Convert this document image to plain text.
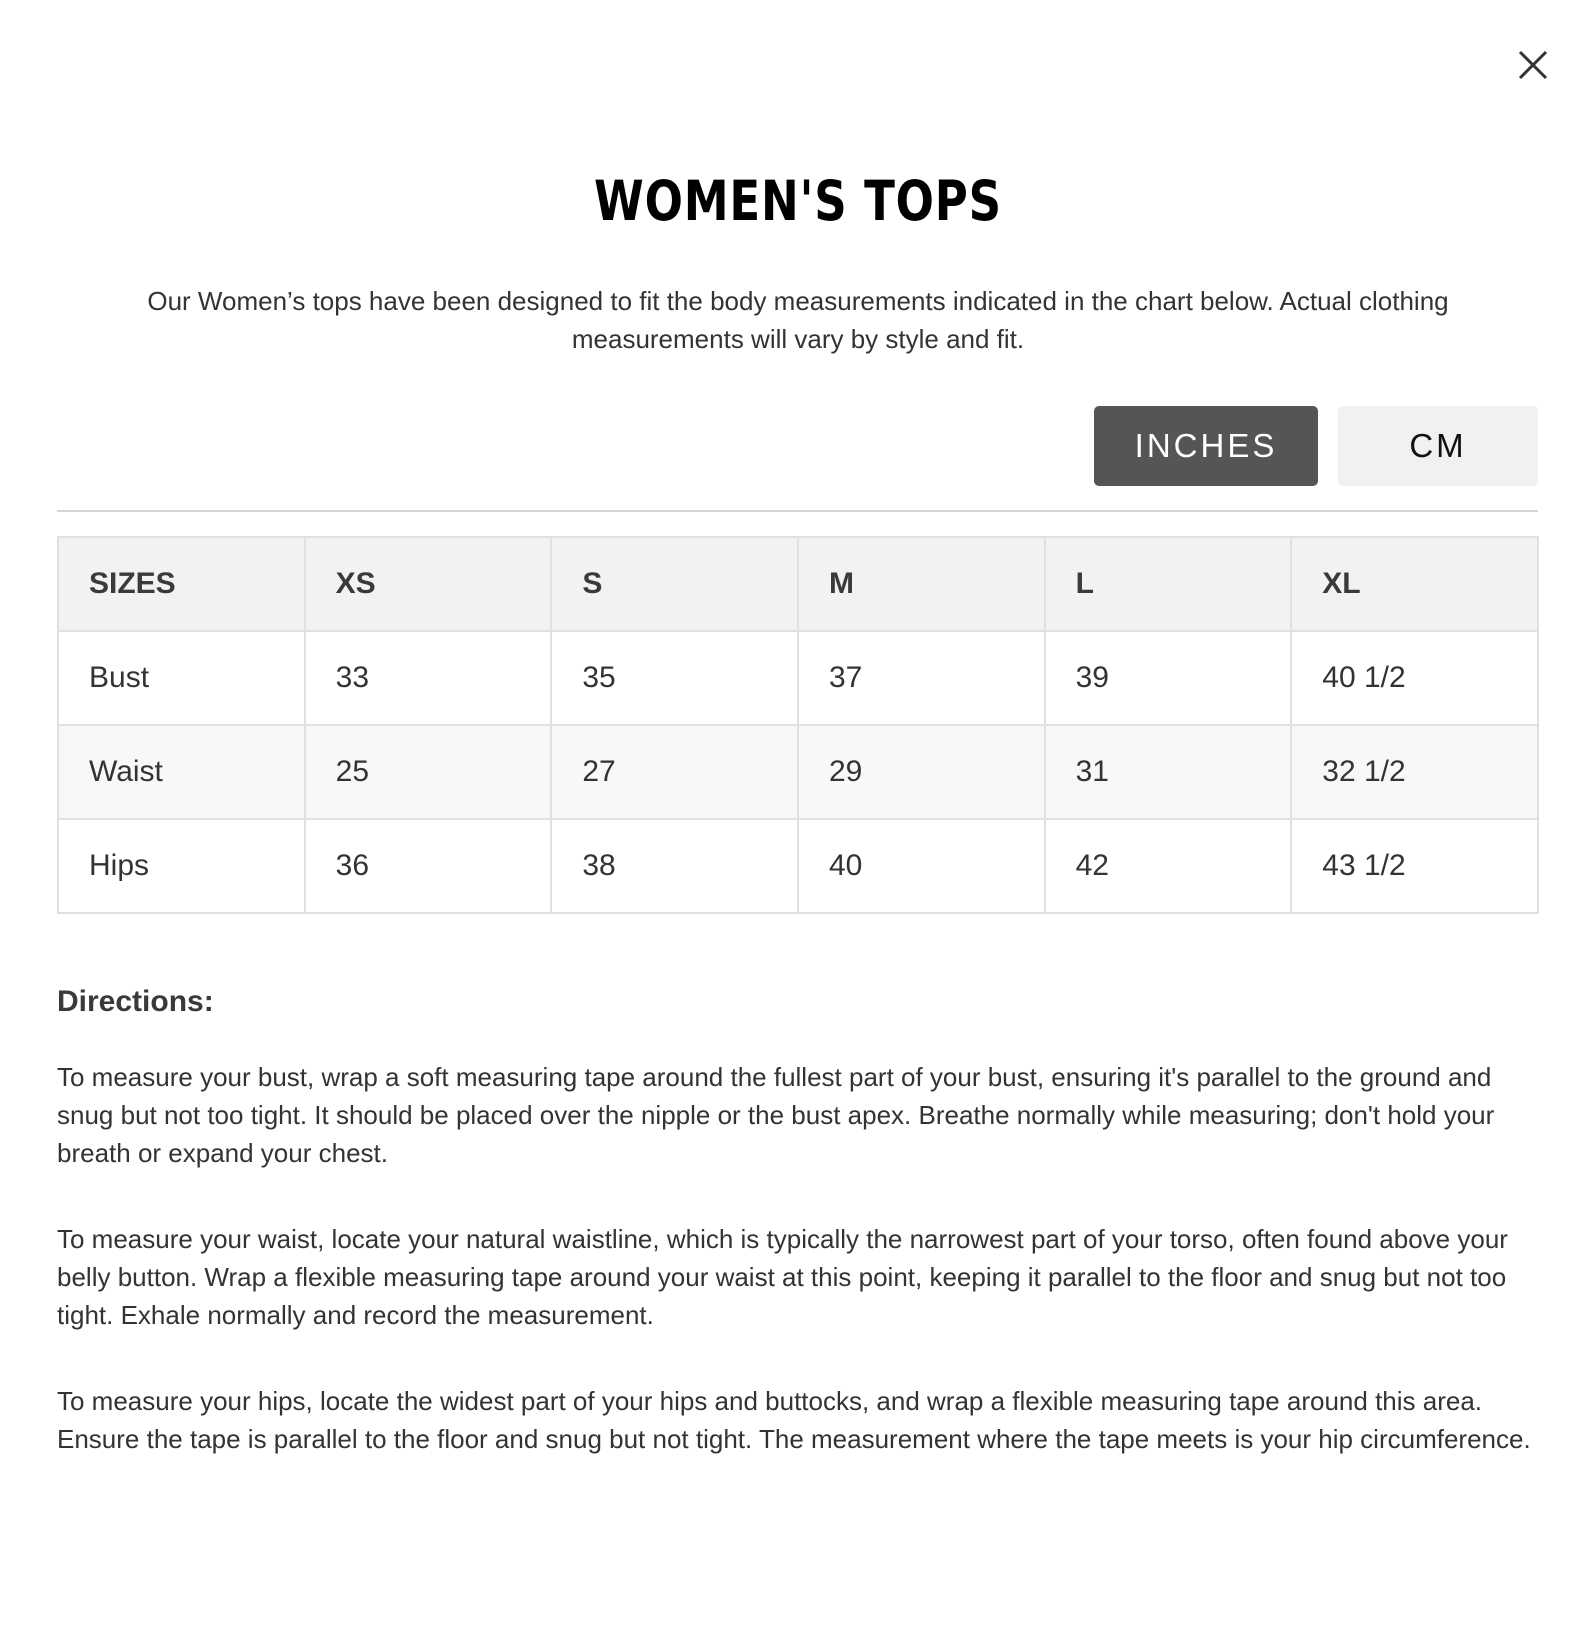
WOMEN'S TOPS
Our Women’s tops have been designed to fit the body measurements indicated in the chart below. Actual clothing measurements will vary by style and fit.
INCHES	CM
SIZES	XS	S	M	L	XL
Bust	33	35	37	39	40 1/2
Waist	25	27	29	31	32 1/2
Hips	36	38	40	42	43 1/2
Directions:
To measure your bust, wrap a soft measuring tape around the fullest part of your bust, ensuring it's parallel to the ground and snug but not too tight. It should be placed over the nipple or the bust apex. Breathe normally while measuring; don't hold your breath or expand your chest.
To measure your waist, locate your natural waistline, which is typically the narrowest part of your torso, often found above your belly button. Wrap a flexible measuring tape around your waist at this point, keeping it parallel to the floor and snug but not too tight. Exhale normally and record the measurement.
To measure your hips, locate the widest part of your hips and buttocks, and wrap a flexible measuring tape around this area. Ensure the tape is parallel to the floor and snug but not tight. The measurement where the tape meets is your hip circumference.
